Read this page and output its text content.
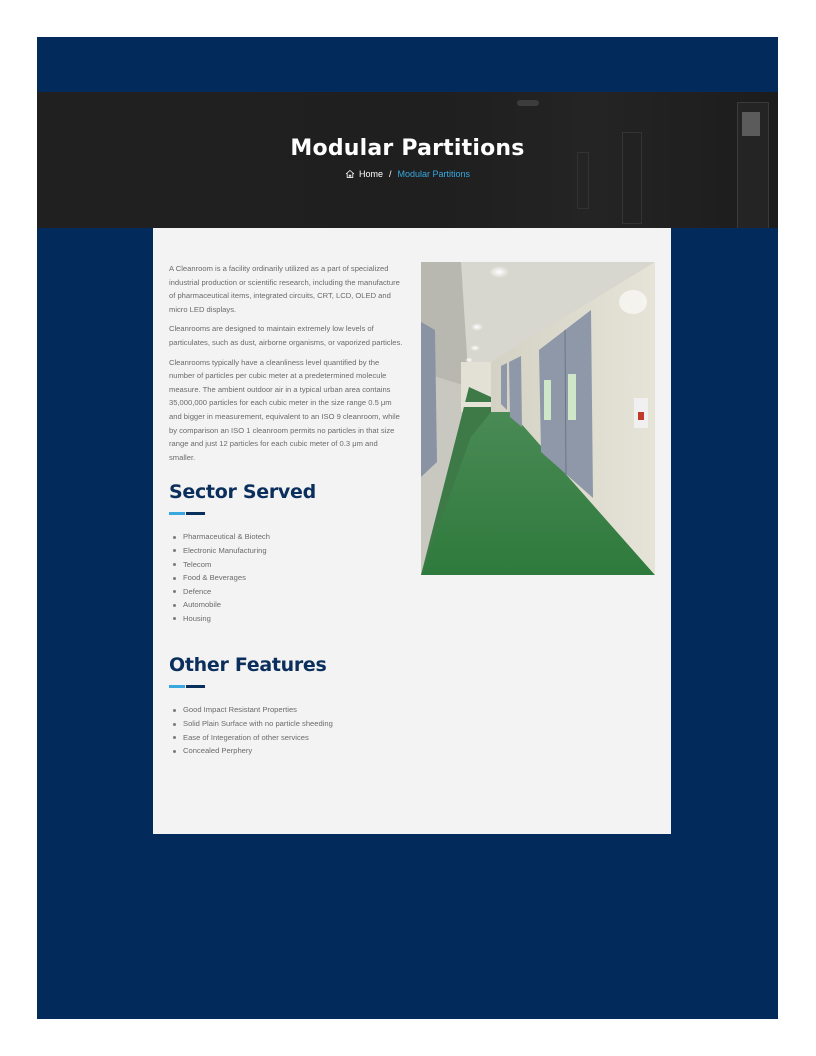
Modular Partitions
Home / Modular Partitions

A Cleanroom is a facility ordinarily utilized as a part of specialized industrial production or scientific research, including the manufacture of pharmaceutical items, integrated circuits, CRT, LCD, OLED and micro LED displays.

Cleanrooms are designed to maintain extremely low levels of particulates, such as dust, airborne organisms, or vaporized particles.

Cleanrooms typically have a cleanliness level quantified by the number of particles per cubic meter at a predetermined molecule measure. The ambient outdoor air in a typical urban area contains 35,000,000 particles for each cubic meter in the size range 0.5 μm and bigger in measurement, equivalent to an ISO 9 cleanroom, while by comparison an ISO 1 cleanroom permits no particles in that size range and just 12 particles for each cubic meter of 0.3 μm and smaller.

Sector Served
Pharmaceutical & Biotech
Electronic Manufacturing
Telecom
Food & Beverages
Defence
Automobile
Housing
Other Features
Good Impact Resistant Properties
Solid Plain Surface with no particle sheeding
Ease of Integeration of other services
Concealed Perphery
